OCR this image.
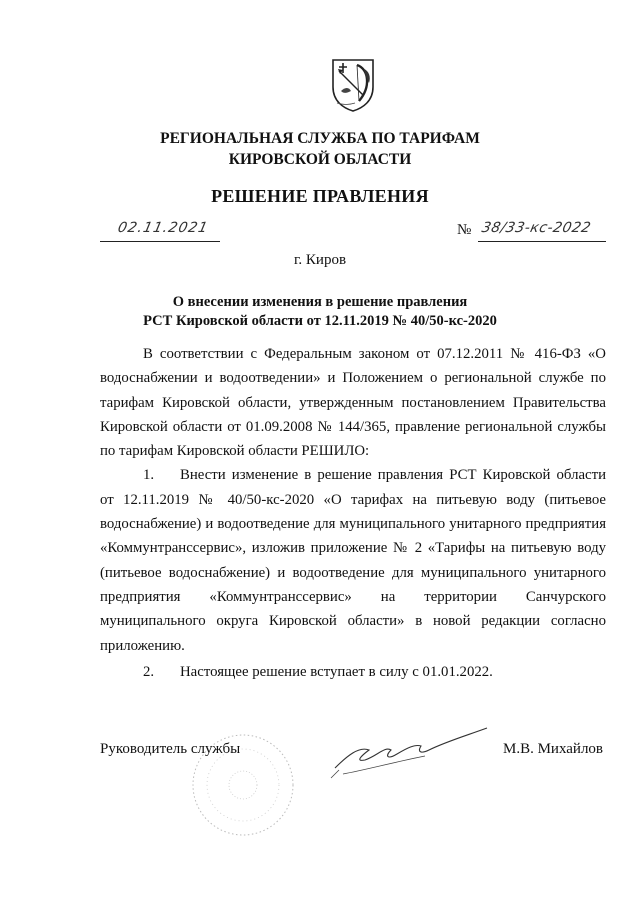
РЕГИОНАЛЬНАЯ СЛУЖБА ПО ТАРИФАМ
КИРОВСКОЙ ОБЛАСТИ
РЕШЕНИЕ ПРАВЛЕНИЯ
02.11.2021	№ 38/33-кс-2022
г. Киров
О внесении изменения в решение правления
РСТ Кировской области от 12.11.2019 № 40/50-кс-2020

В соответствии с Федеральным законом от 07.12.2011 № 416-ФЗ «О водоснабжении и водоотведении» и Положением о региональной службе по тарифам Кировской области, утвержденным постановлением Правительства Кировской области от 01.09.2008 № 144/365, правление региональной службы по тарифам Кировской области РЕШИЛО:

1. Внести изменение в решение правления РСТ Кировской области от 12.11.2019 № 40/50-кс-2020 «О тарифах на питьевую воду (питьевое водоснабжение) и водоотведение для муниципального унитарного предприятия «Коммунтранссервис», изложив приложение № 2 «Тарифы на питьевую воду (питьевое водоснабжение) и водоотведение для муниципального унитарного предприятия «Коммунтранссервис» на территории Санчурского муниципального округа Кировской области» в новой редакции согласно приложению.

2. Настоящее решение вступает в силу с 01.01.2022.

Руководитель службы	М.В. Михайлов
